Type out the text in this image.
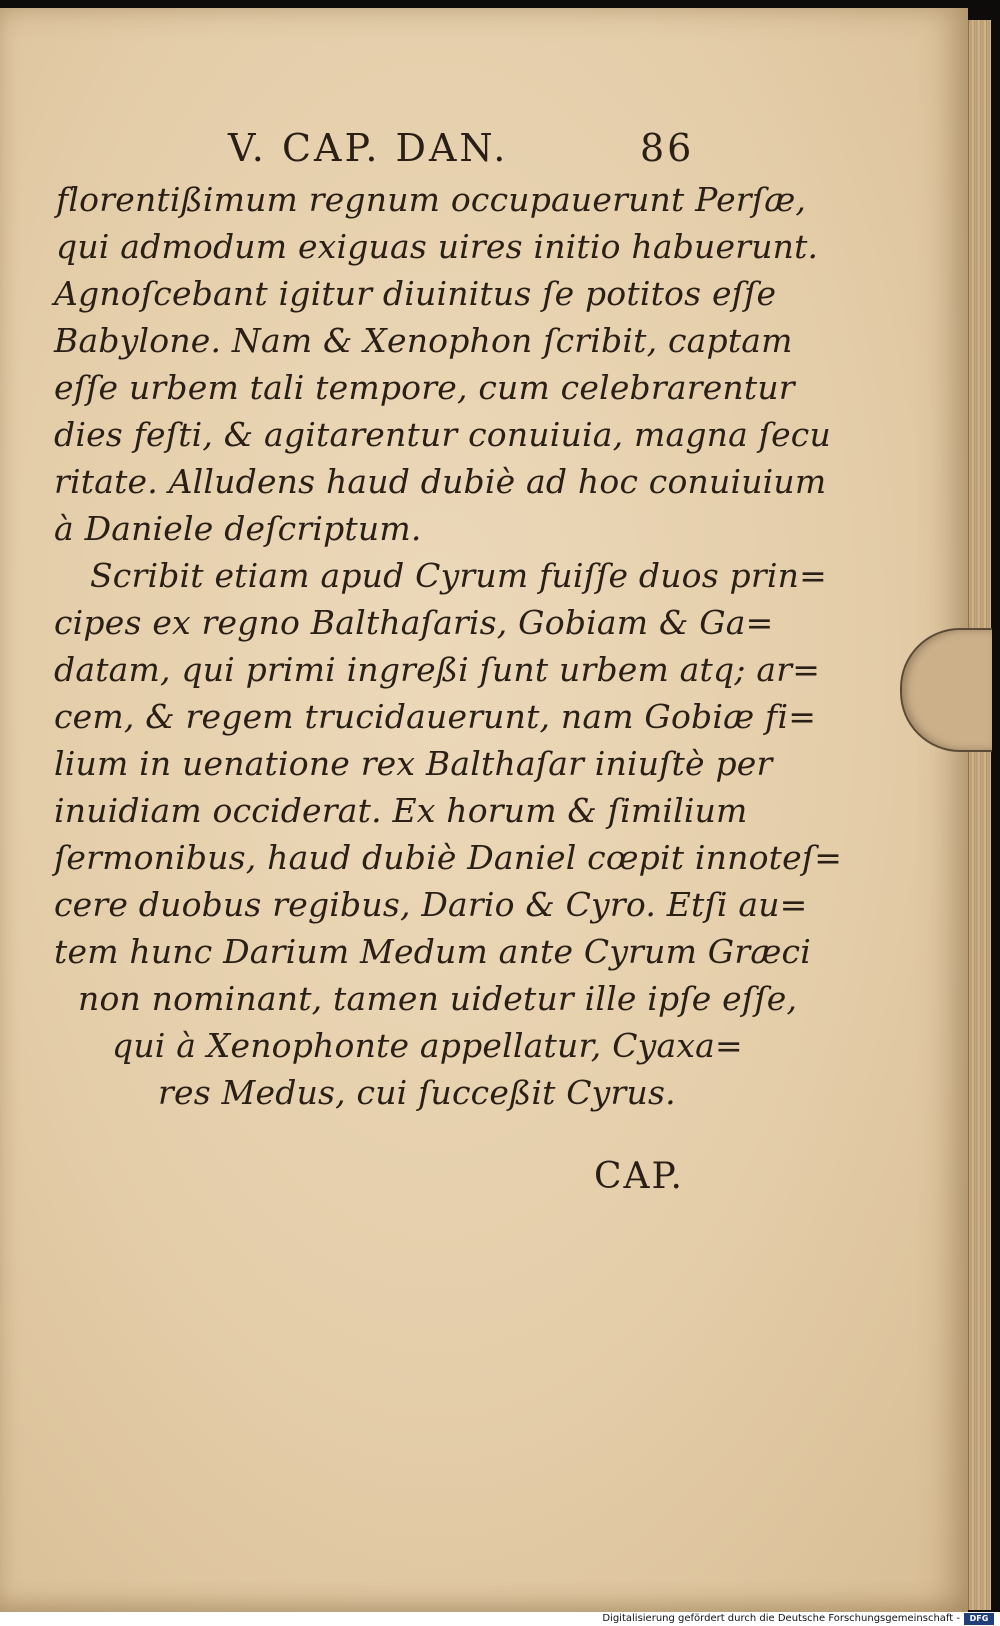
V. CAP. DAN.	86
florentißimum regnum occupauerunt Perſæ,
qui admodum exiguas uires initio habuerunt.
Agnoſcebant igitur diuinitus ſe potitos eſſe
Babylone. Nam & Xenophon ſcribit, captam
eſſe urbem tali tempore, cum celebrarentur
dies feſti, & agitarentur conuiuia, magna ſecu
ritate. Alludens haud dubiè ad hoc conuiuium
à Daniele deſcriptum.
Scribit etiam apud Cyrum fuiſſe duos prin=
cipes ex regno Balthaſaris, Gobiam & Ga=
datam, qui primi ingreßi ſunt urbem atq; ar=
cem, & regem trucidauerunt, nam Gobiæ fi=
lium in uenatione rex Balthaſar iniuſtè per
inuidiam occiderat. Ex horum & ſimilium
ſermonibus, haud dubiè Daniel cœpit innoteſ=
cere duobus regibus, Dario & Cyro. Etſi au=
tem hunc Darium Medum ante Cyrum Græci
non nominant, tamen uidetur ille ipſe eſſe,
qui à Xenophonte appellatur, Cyaxa=
res Medus, cui ſucceßit Cyrus.
CAP.
Digitalisierung gefördert durch die Deutsche Forschungsgemeinschaft -	DFG
